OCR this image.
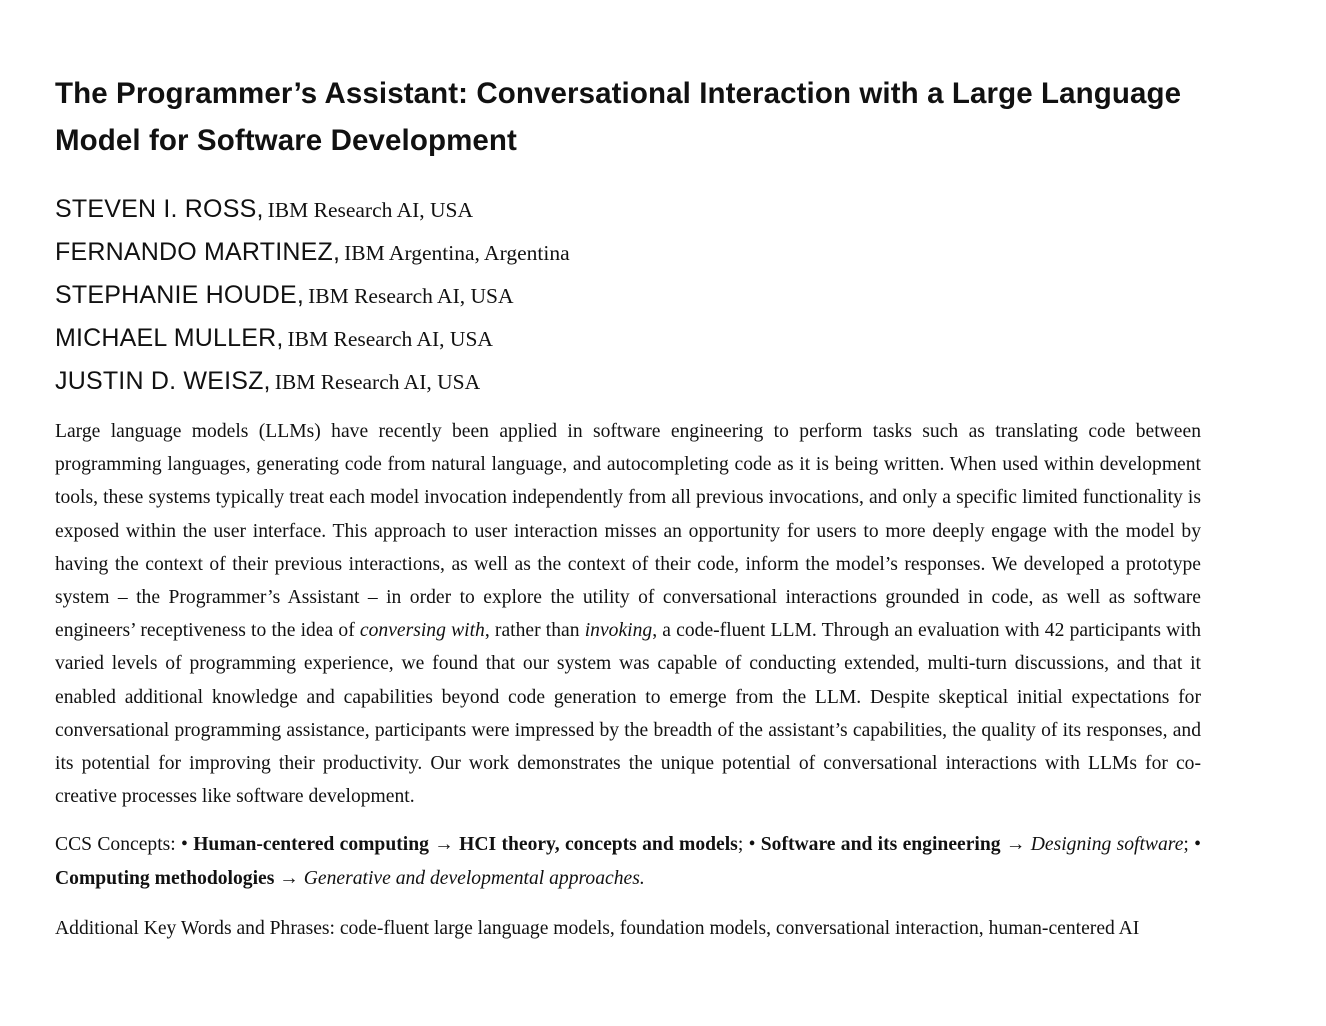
The Programmer’s Assistant: Conversational Interaction with a Large Language Model for Software Development
STEVEN I. ROSS, IBM Research AI, USA
FERNANDO MARTINEZ, IBM Argentina, Argentina
STEPHANIE HOUDE, IBM Research AI, USA
MICHAEL MULLER, IBM Research AI, USA
JUSTIN D. WEISZ, IBM Research AI, USA

Large language models (LLMs) have recently been applied in software engineering to perform tasks such as translating code between programming languages, generating code from natural language, and autocompleting code as it is being written. When used within development tools, these systems typically treat each model invocation independently from all previous invocations, and only a specific limited functionality is exposed within the user interface. This approach to user interaction misses an opportunity for users to more deeply engage with the model by having the context of their previous interactions, as well as the context of their code, inform the model’s responses. We developed a prototype system – the Programmer’s Assistant – in order to explore the utility of conversational interactions grounded in code, as well as software engineers’ receptiveness to the idea of conversing with, rather than invoking, a code-fluent LLM. Through an evaluation with 42 participants with varied levels of programming experience, we found that our system was capable of conducting extended, multi-turn discussions, and that it enabled additional knowledge and capabilities beyond code generation to emerge from the LLM. Despite skeptical initial expectations for conversational programming assistance, participants were impressed by the breadth of the assistant’s capabilities, the quality of its responses, and its potential for improving their productivity. Our work demonstrates the unique potential of conversational interactions with LLMs for co-creative processes like software development.

CCS Concepts: • Human-centered computing → HCI theory, concepts and models; • Software and its engineering → Designing software; • Computing methodologies → Generative and developmental approaches.

Additional Key Words and Phrases: code-fluent large language models, foundation models, conversational interaction, human-centered AI
